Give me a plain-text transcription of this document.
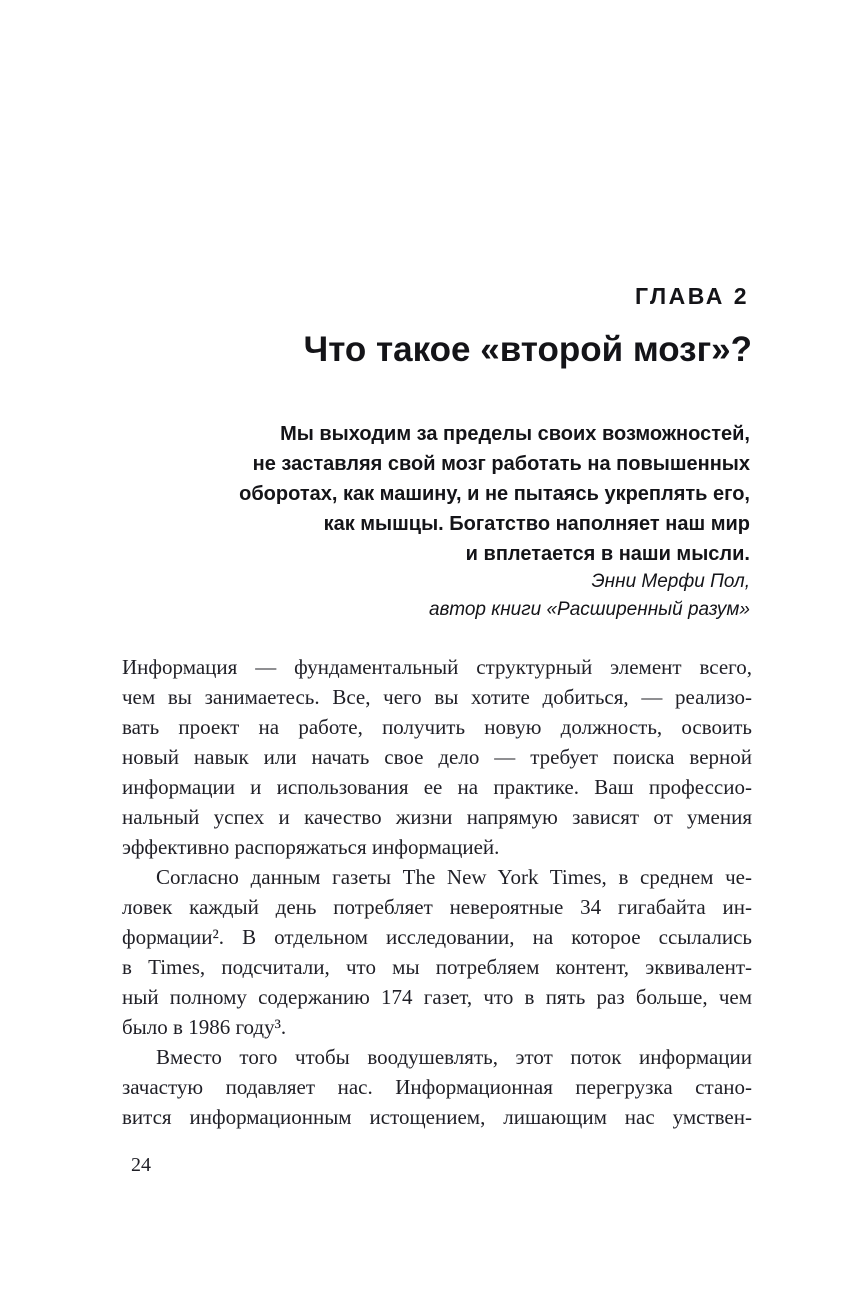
ГЛАВА 2
Что такое «второй мозг»?
Мы выходим за пределы своих возможностей,
не заставляя свой мозг работать на повышенных
оборотах, как машину, и не пытаясь укреплять его,
как мышцы. Богатство наполняет наш мир
и вплетается в наши мысли.
Энни Мерфи Пол,
автор книги «Расширенный разум»
Информация — фундаментальный структурный элемент всего,
чем вы занимаетесь. Все, чего вы хотите добиться, — реализо-
вать проект на работе, получить новую должность, освоить
новый навык или начать свое дело — требует поиска верной
информации и использования ее на практике. Ваш профессио-
нальный успех и качество жизни напрямую зависят от умения
эффективно распоряжаться информацией.
Согласно данным газеты The New York Times, в среднем че-
ловек каждый день потребляет невероятные 34 гигабайта ин-
формации². В отдельном исследовании, на которое ссылались
в Times, подсчитали, что мы потребляем контент, эквивалент-
ный полному содержанию 174 газет, что в пять раз больше, чем
было в 1986 году³.
Вместо того чтобы воодушевлять, этот поток информации
зачастую подавляет нас. Информационная перегрузка стано-
вится информационным истощением, лишающим нас умствен-
24
